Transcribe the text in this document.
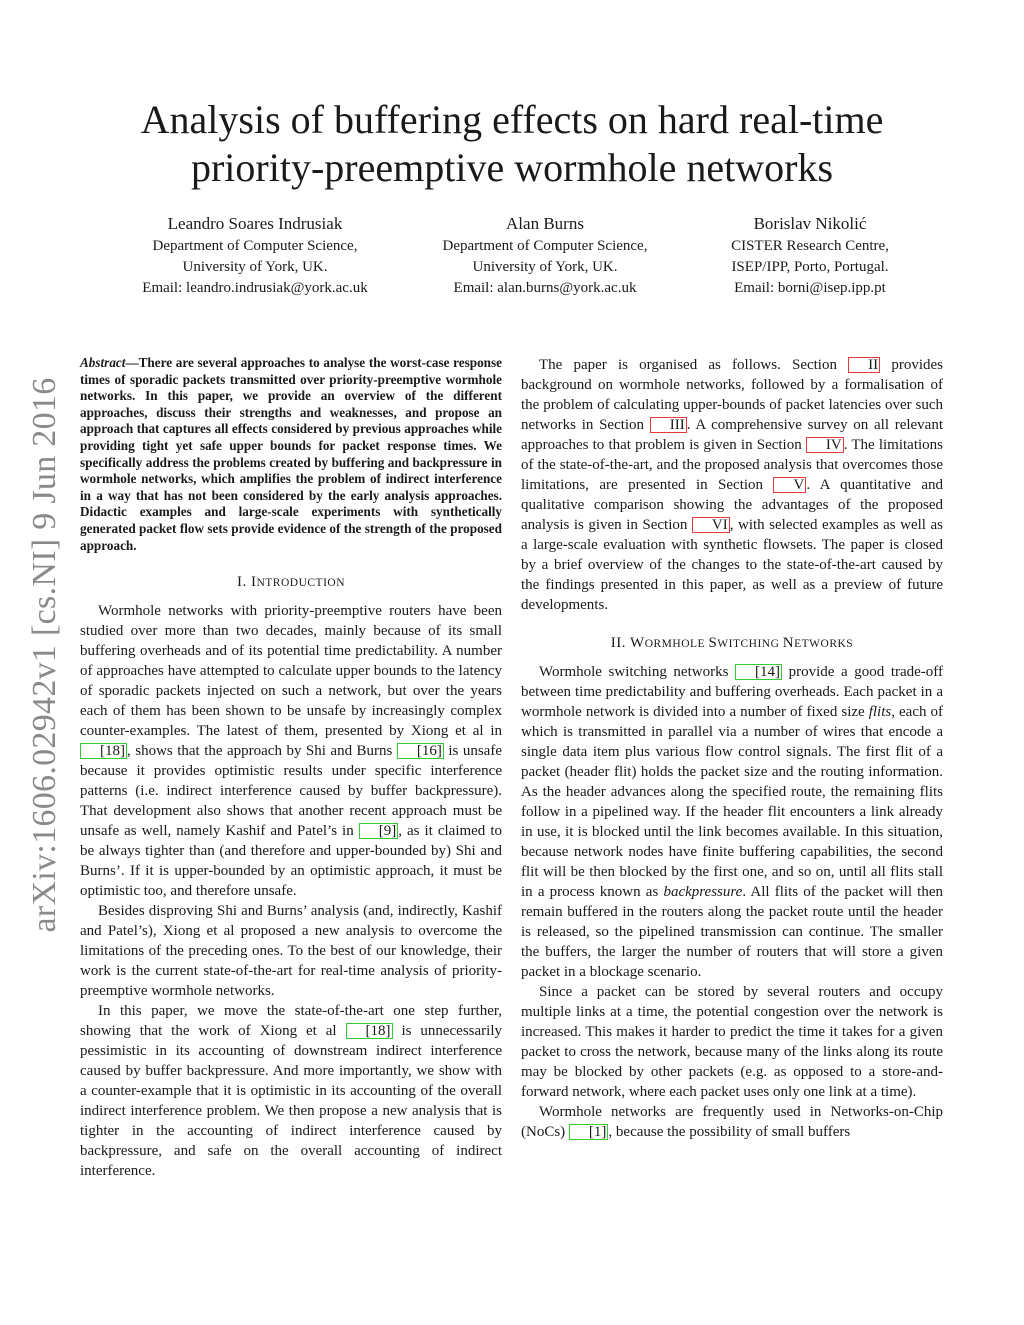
arXiv:1606.02942v1 [cs.NI] 9 Jun 2016
Analysis of buffering effects on hard real-time
priority-preemptive wormhole networks
Leandro Soares Indrusiak
Department of Computer Science,
University of York, UK.
Email: leandro.indrusiak@york.ac.uk
Alan Burns
Department of Computer Science,
University of York, UK.
Email: alan.burns@york.ac.uk
Borislav Nikolić
CISTER Research Centre,
ISEP/IPP, Porto, Portugal.
Email: borni@isep.ipp.pt

Abstract—There are several approaches to analyse the worst-case response times of sporadic packets transmitted over priority-preemptive wormhole networks. In this paper, we provide an overview of the different approaches, discuss their strengths and weaknesses, and propose an approach that captures all effects considered by previous approaches while providing tight yet safe upper bounds for packet response times. We specifically address the problems created by buffering and backpressure in wormhole networks, which amplifies the problem of indirect interference in a way that has not been considered by the early analysis approaches. Didactic examples and large-scale experiments with synthetically generated packet flow sets provide evidence of the strength of the proposed approach.

I. INTRODUCTION

Wormhole networks with priority-preemptive routers have been studied over more than two decades, mainly because of its small buffering overheads and of its potential time predictability. A number of approaches have attempted to calculate upper bounds to the latency of sporadic packets injected on such a network, but over the years each of them has been shown to be unsafe by increasingly complex counter-examples. The latest of them, presented by Xiong et al in [18] , shows that the approach by Shi and Burns [16] is unsafe because it provides optimistic results under specific interference patterns (i.e. indirect interference caused by buffer backpressure). That development also shows that another recent approach must be unsafe as well, namely Kashif and Patel’s in [9] , as it claimed to be always tighter than (and therefore and upper-bounded by) Shi and Burns’. If it is upper-bounded by an optimistic approach, it must be optimistic too, and therefore unsafe.

Besides disproving Shi and Burns’ analysis (and, indirectly, Kashif and Patel’s), Xiong et al proposed a new analysis to overcome the limitations of the preceding ones. To the best of our knowledge, their work is the current state-of-the-art for real-time analysis of priority-preemptive wormhole networks.

In this paper, we move the state-of-the-art one step further, showing that the work of Xiong et al [18] is unnecessarily pessimistic in its accounting of downstream indirect interference caused by buffer backpressure. And more importantly, we show with a counter-example that it is optimistic in its accounting of the overall indirect interference problem. We then propose a new analysis that is tighter in the accounting of indirect interference caused by backpressure, and safe on the overall accounting of indirect interference.

The paper is organised as follows. Section II provides background on wormhole networks, followed by a formalisation of the problem of calculating upper-bounds of packet latencies over such networks in Section III . A comprehensive survey on all relevant approaches to that problem is given in Section IV . The limitations of the state-of-the-art, and the proposed analysis that overcomes those limitations, are presented in Section V . A quantitative and qualitative comparison showing the advantages of the proposed analysis is given in Section VI , with selected examples as well as a large-scale evaluation with synthetic flowsets. The paper is closed by a brief overview of the changes to the state-of-the-art caused by the findings presented in this paper, as well as a preview of future developments.

II. WORMHOLE SWITCHING NETWORKS

Wormhole switching networks [14] provide a good trade-off between time predictability and buffering overheads. Each packet in a wormhole network is divided into a number of fixed size flits, each of which is transmitted in parallel via a number of wires that encode a single data item plus various flow control signals. The first flit of a packet (header flit) holds the packet size and the routing information. As the header advances along the specified route, the remaining flits follow in a pipelined way. If the header flit encounters a link already in use, it is blocked until the link becomes available. In this situation, because network nodes have finite buffering capabilities, the second flit will be then blocked by the first one, and so on, until all flits stall in a process known as backpressure. All flits of the packet will then remain buffered in the routers along the packet route until the header is released, so the pipelined transmission can continue. The smaller the buffers, the larger the number of routers that will store a given packet in a blockage scenario.

Since a packet can be stored by several routers and occupy multiple links at a time, the potential congestion over the network is increased. This makes it harder to predict the time it takes for a given packet to cross the network, because many of the links along its route may be blocked by other packets (e.g. as opposed to a store-and-forward network, where each packet uses only one link at a time).

Wormhole networks are frequently used in Networks-on-Chip (NoCs) [1] , because the possibility of small buffers
